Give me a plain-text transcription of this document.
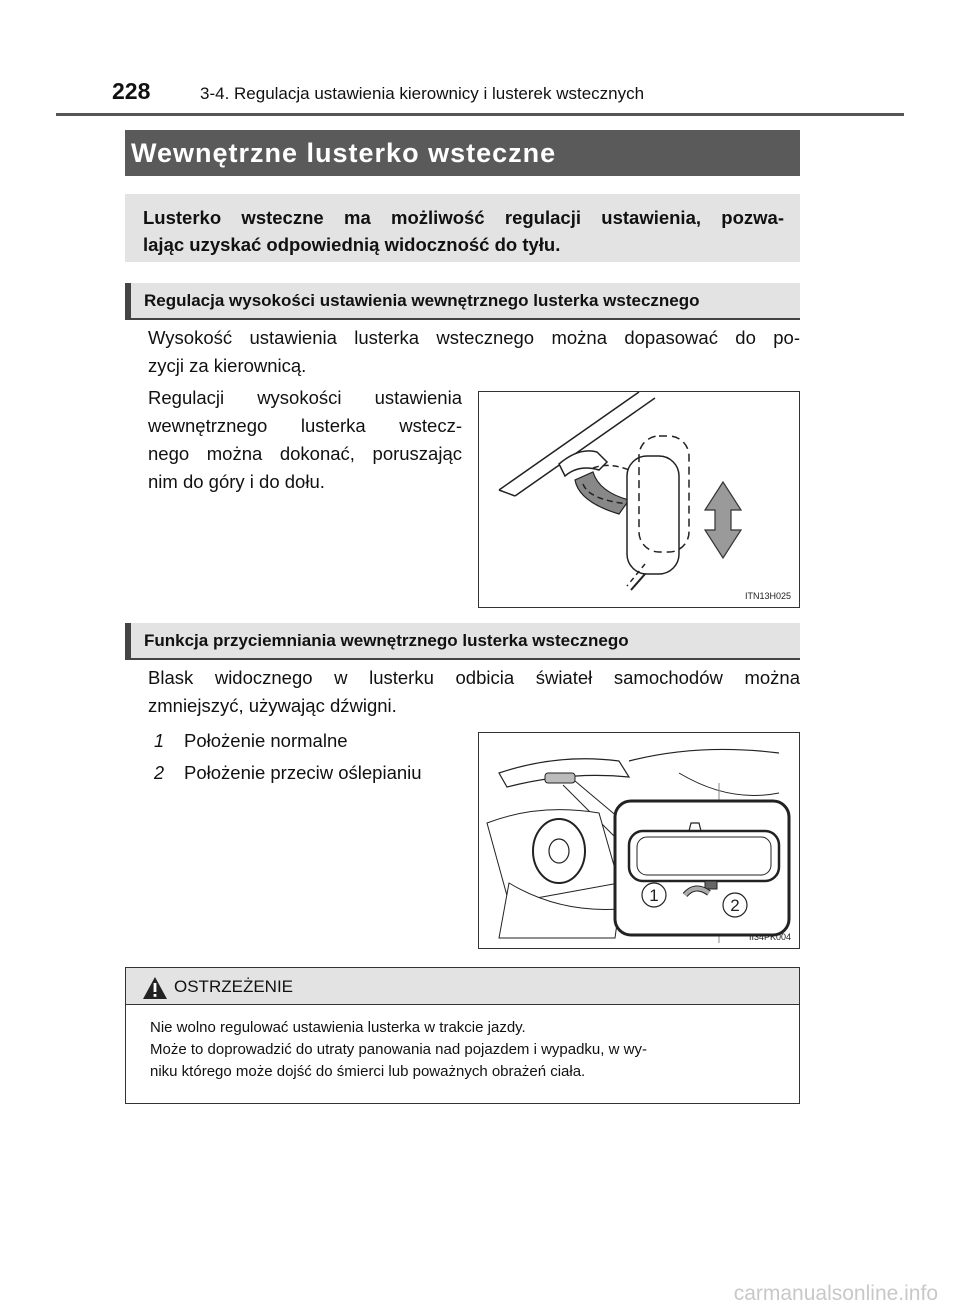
228	3-4. Regulacja ustawienia kierownicy i lusterek wstecznych
Wewnętrzne lusterko wsteczne
Lusterko wsteczne ma możliwość regulacji ustawienia, pozwa-
lając uzyskać odpowiednią widoczność do tyłu.
Regulacja wysokości ustawienia wewnętrznego lusterka wstecznego
Wysokość ustawienia lusterka wstecznego można dopasować do po-
zycji za kierownicą.
Regulacji wysokości ustawienia
wewnętrznego lusterka wstecz-
nego można dokonać, poruszając
nim do góry i do dołu.
ITN13H025
Funkcja przyciemniania wewnętrznego lusterka wstecznego
Blask widocznego w lusterku odbicia świateł samochodów można
zmniejszyć, używając dźwigni.
1 Położenie normalne
2 Położenie przeciw oślepianiu
1
2
II34PK004
OSTRZEŻENIE
Nie wolno regulować ustawienia lusterka w trakcie jazdy.
Może to doprowadzić do utraty panowania nad pojazdem i wypadku, w wy-
niku którego może dojść do śmierci lub poważnych obrażeń ciała.
carmanualsonline.info
